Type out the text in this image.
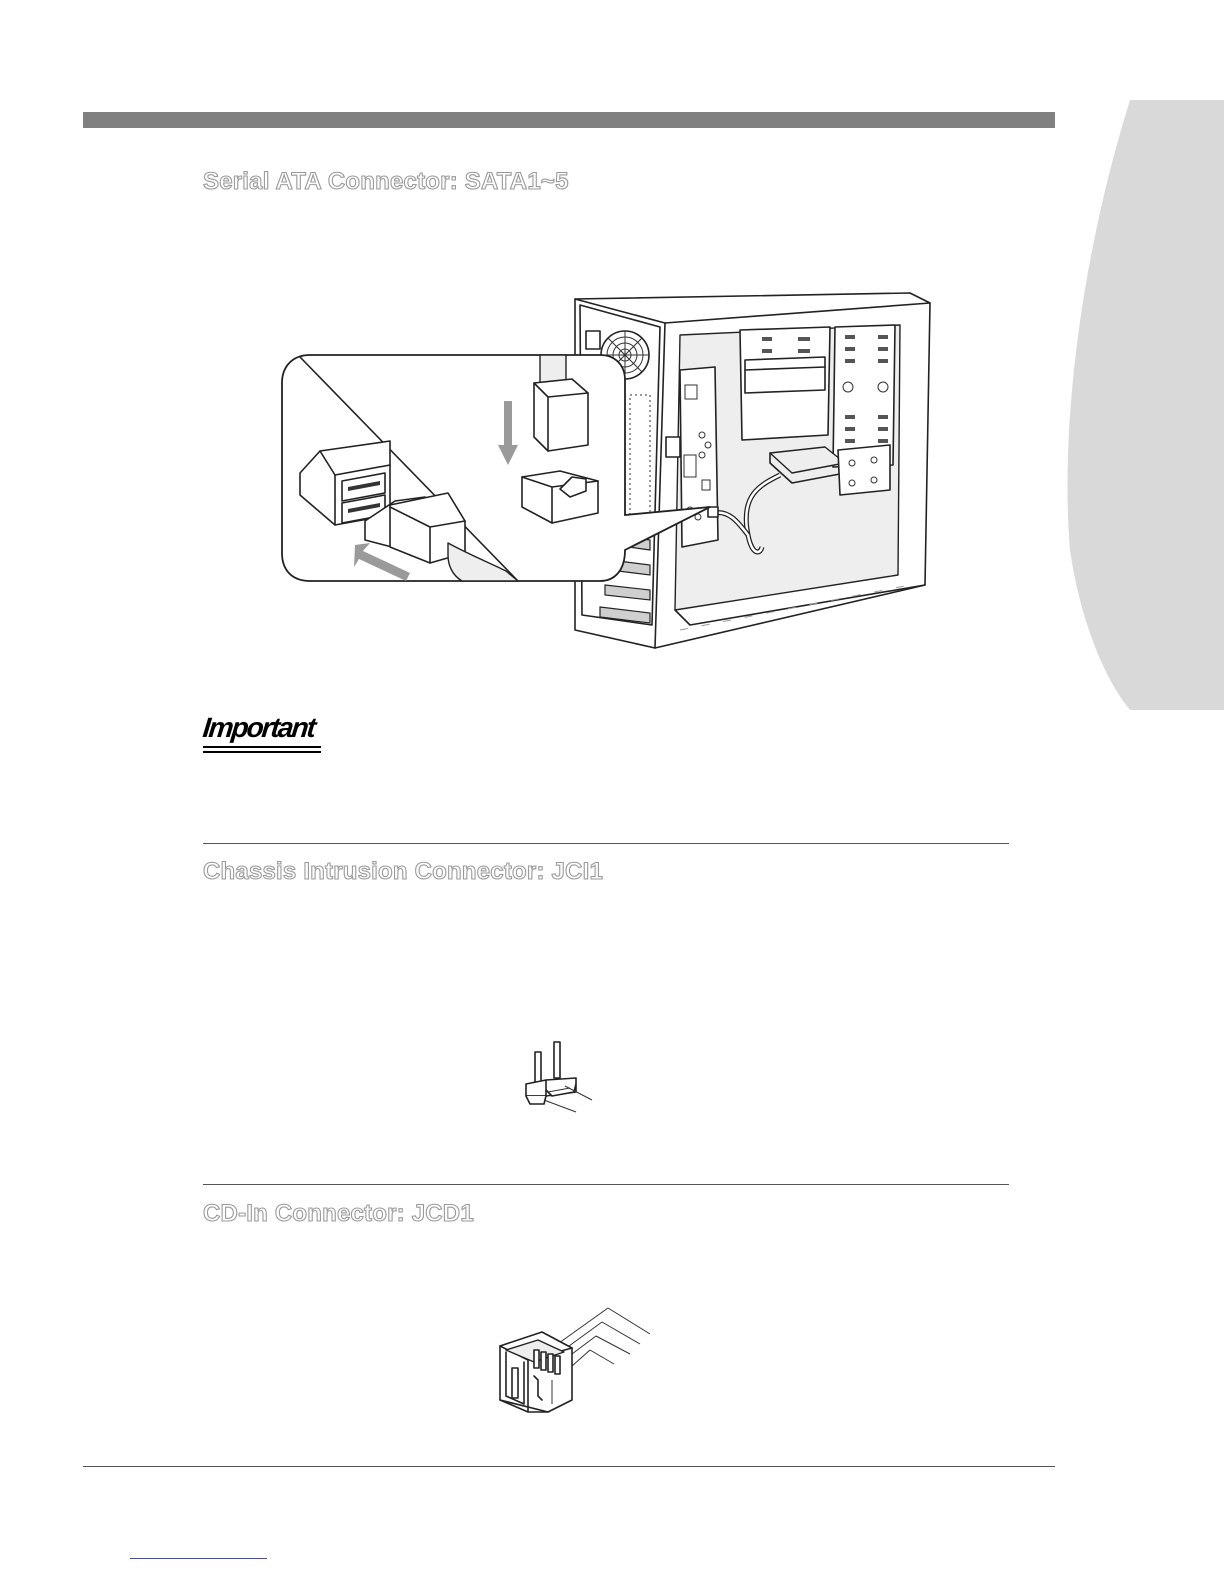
Serial ATA Connector: SATA1~5
Important
Chassis Intrusion Connector: JCI1
CD-In Connector: JCD1
